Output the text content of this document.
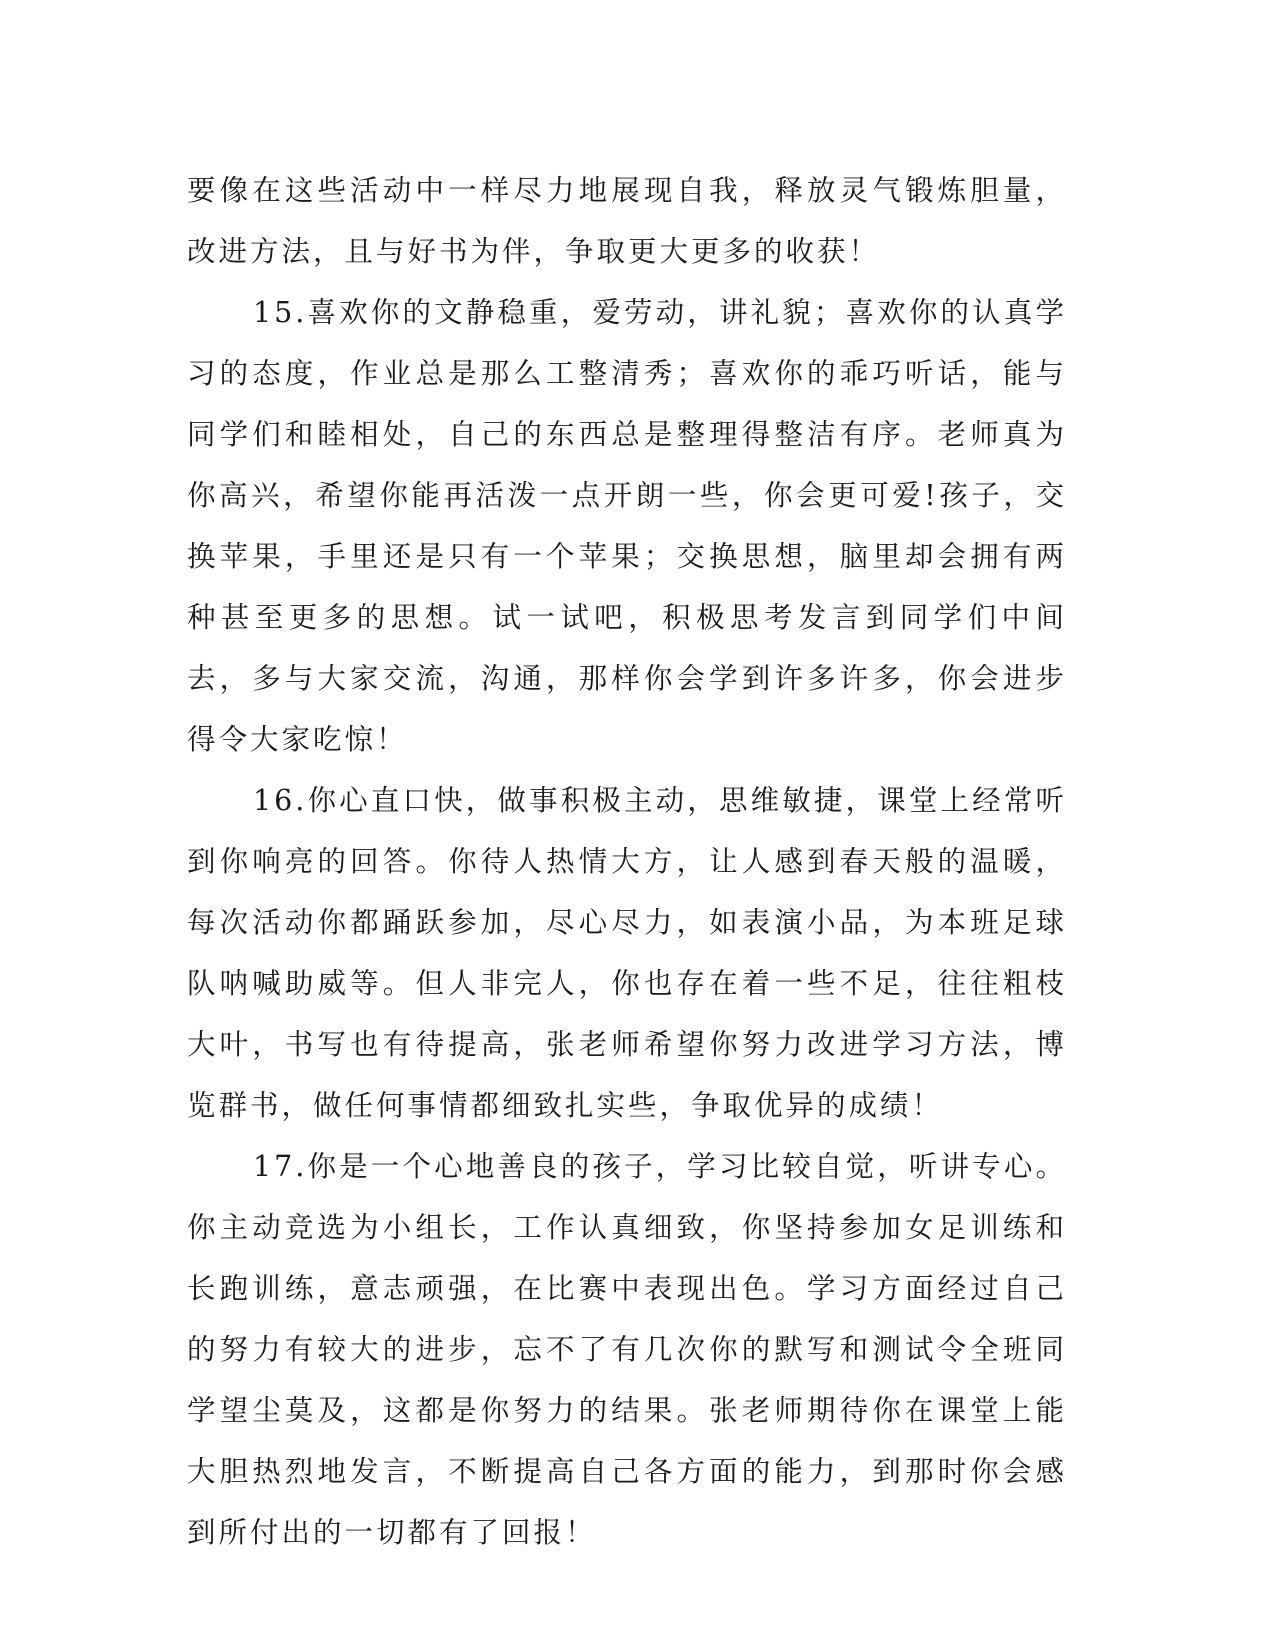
要像在这些活动中一样尽力地展现自我，释放灵气锻炼胆量，改进方法，且与好书为伴，争取更大更多的收获！

15.喜欢你的文静稳重，爱劳动，讲礼貌；喜欢你的认真学习的态度，作业总是那么工整清秀；喜欢你的乖巧听话，能与同学们和睦相处，自己的东西总是整理得整洁有序。老师真为你高兴，希望你能再活泼一点开朗一些，你会更可爱!孩子，交换苹果，手里还是只有一个苹果；交换思想，脑里却会拥有两种甚至更多的思想。试一试吧，积极思考发言到同学们中间去，多与大家交流，沟通，那样你会学到许多许多，你会进步得令大家吃惊！

16.你心直口快，做事积极主动，思维敏捷，课堂上经常听到你响亮的回答。你待人热情大方，让人感到春天般的温暖，每次活动你都踊跃参加，尽心尽力，如表演小品，为本班足球队呐喊助威等。但人非完人，你也存在着一些不足，往往粗枝大叶，书写也有待提高，张老师希望你努力改进学习方法，博览群书，做任何事情都细致扎实些，争取优异的成绩！

17.你是一个心地善良的孩子，学习比较自觉，听讲专心。你主动竞选为小组长，工作认真细致，你坚持参加女足训练和长跑训练，意志顽强，在比赛中表现出色。学习方面经过自己的努力有较大的进步，忘不了有几次你的默写和测试令全班同学望尘莫及，这都是你努力的结果。张老师期待你在课堂上能大胆热烈地发言，不断提高自己各方面的能力，到那时你会感到所付出的一切都有了回报！
